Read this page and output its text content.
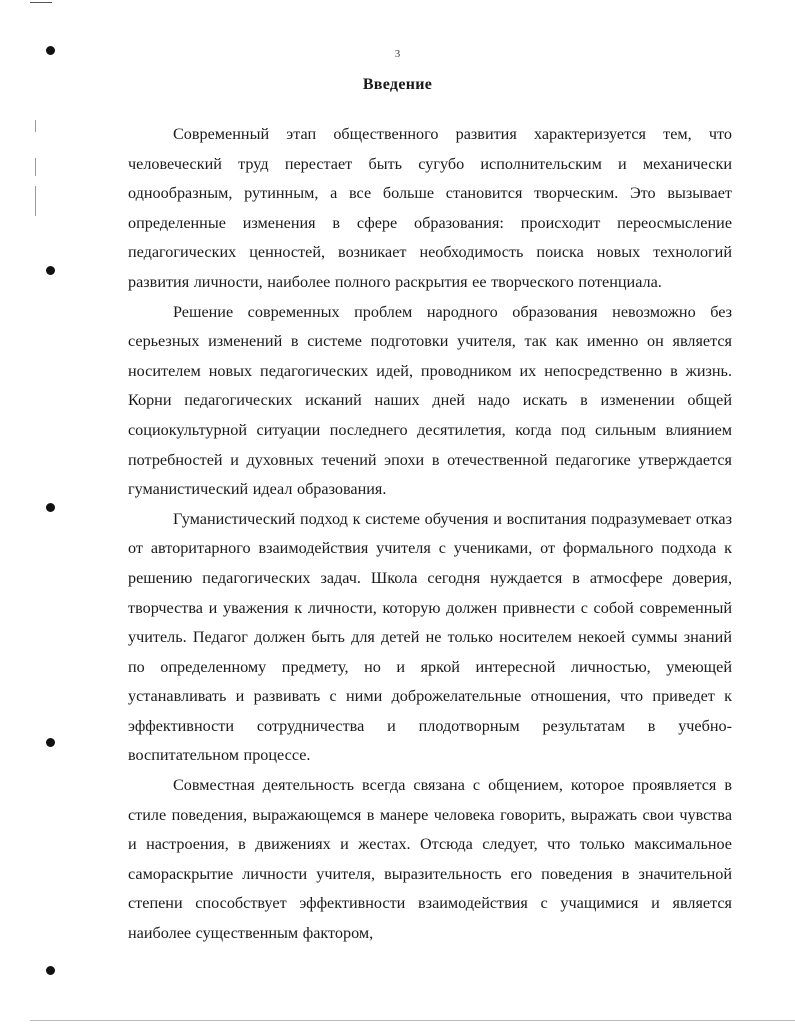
3
Введение

Современный этап общественного развития характеризуется тем, что человеческий труд перестает быть сугубо исполнительским и механически однообразным, рутинным, а все больше становится творческим. Это вызывает определенные изменения в сфере образования: происходит переосмысление педагогических ценностей, возникает необходимость поиска новых технологий развития личности, наиболее полного раскрытия ее творческого потенциала.

Решение современных проблем народного образования невозможно без серьезных изменений в системе подготовки учителя, так как именно он является носителем новых педагогических идей, проводником их непосредственно в жизнь. Корни педагогических исканий наших дней надо искать в изменении общей социокультурной ситуации последнего десятилетия, когда под сильным влиянием потребностей и духовных течений эпохи в отечественной педагогике утверждается гуманистический идеал образования.

Гуманистический подход к системе обучения и воспитания подразумевает отказ от авторитарного взаимодействия учителя с учениками, от формального подхода к решению педагогических задач. Школа сегодня нуждается в атмосфере доверия, творчества и уважения к личности, которую должен привнести с собой современный учитель. Педагог должен быть для детей не только носителем некоей суммы знаний по определенному предмету, но и яркой интересной личностью, умеющей устанавливать и развивать с ними доброжелательные отношения, что приведет к эффективности сотрудничества и плодотворным результатам в учебно-воспитательном процессе.

Совместная деятельность всегда связана с общением, которое проявляется в стиле поведения, выражающемся в манере человека говорить, выражать свои чувства и настроения, в движениях и жестах. Отсюда следует, что только максимальное самораскрытие личности учителя, выразительность его поведения в значительной степени способствует эффективности взаимодействия с учащимися и является наиболее существенным фактором,
